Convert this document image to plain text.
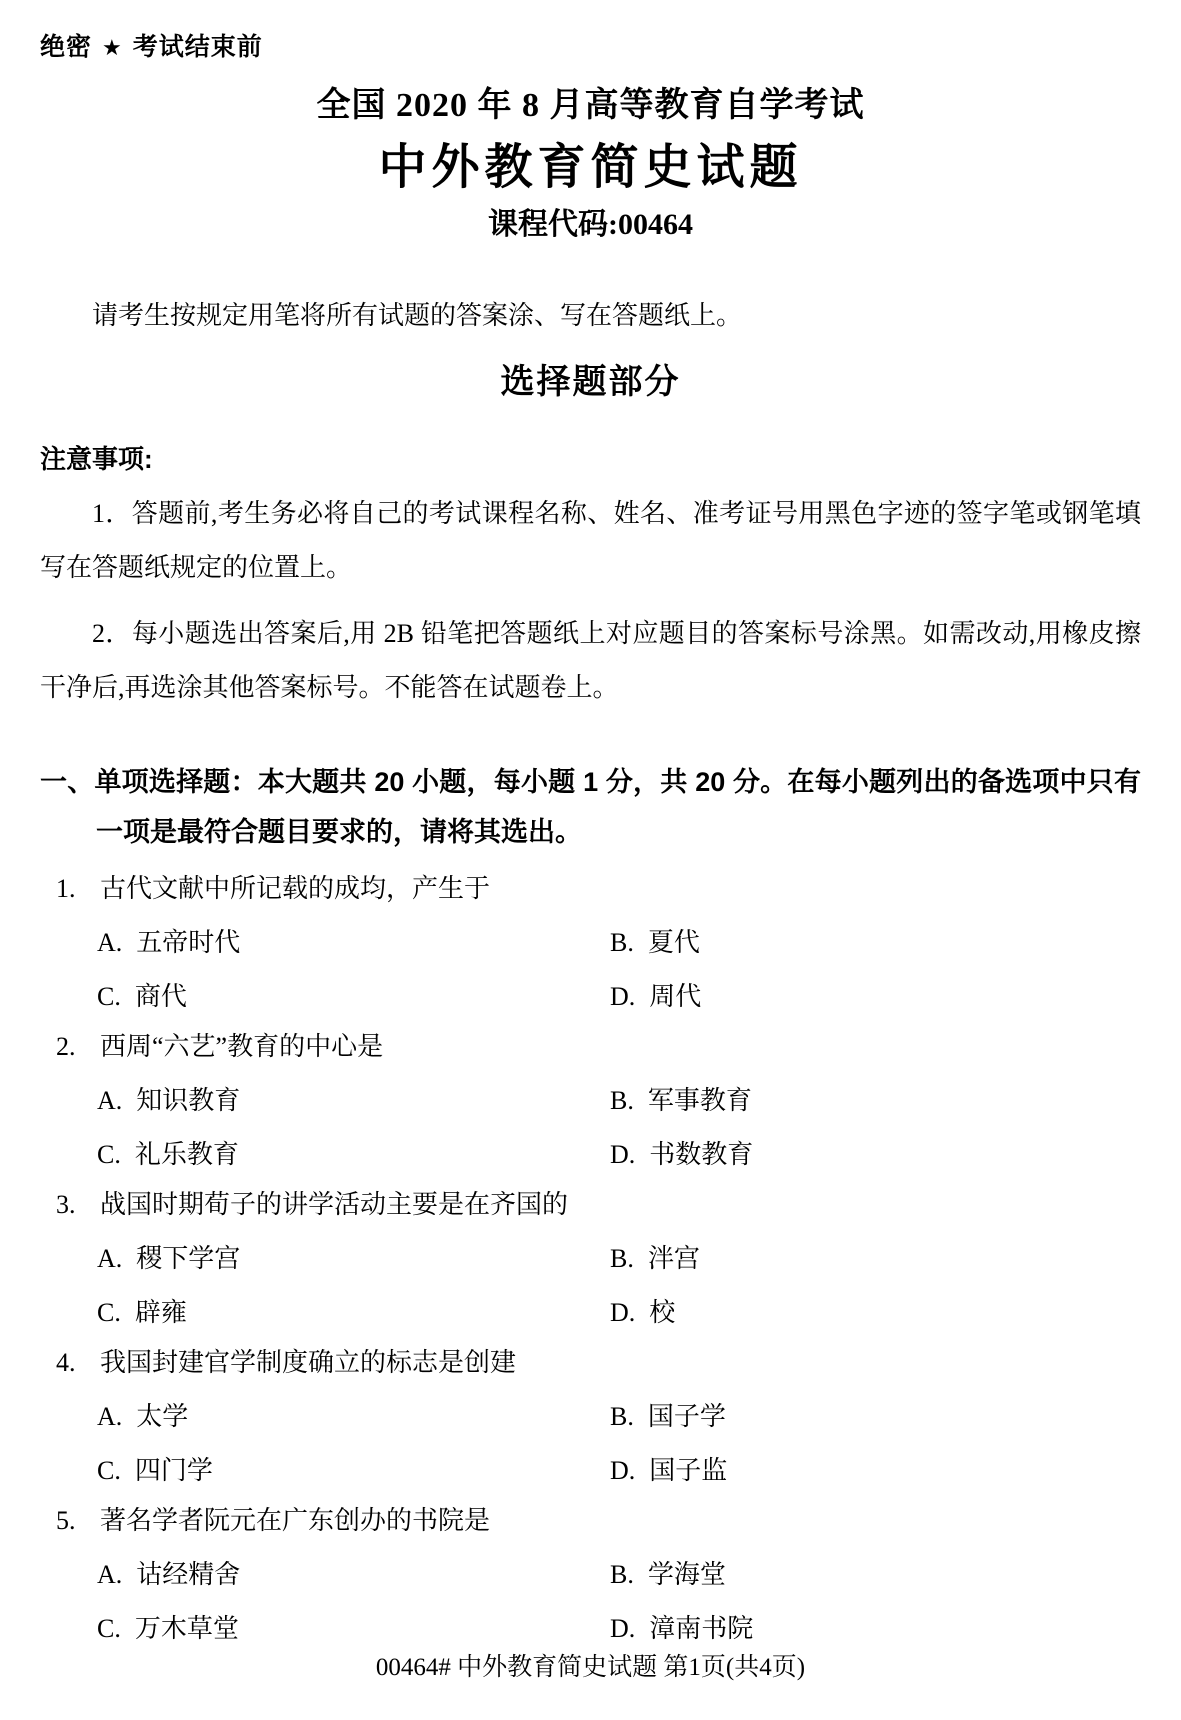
绝密 ★ 考试结束前
全国 2020 年 8 月高等教育自学考试
中外教育简史试题
课程代码:00464

请考生按规定用笔将所有试题的答案涂、写在答题纸上。

选择题部分
注意事项:

1．答题前,考生务必将自己的考试课程名称、姓名、准考证号用黑色字迹的签字笔或钢笔填写在答题纸规定的位置上。

2．每小题选出答案后,用 2B 铅笔把答题纸上对应题目的答案标号涂黑。如需改动,用橡皮擦干净后,再选涂其他答案标号。不能答在试题卷上。

一、单项选择题：本大题共 20 小题，每小题 1 分，共 20 分。在每小题列出的备选项中只有一项是最符合题目要求的，请将其选出。

1. 古代文献中所记载的成均，产生于

A. 五帝时代	B. 夏代

C. 商代	D. 周代

2. 西周“六艺”教育的中心是

A. 知识教育	B. 军事教育

C. 礼乐教育	D. 书数教育

3. 战国时期荀子的讲学活动主要是在齐国的

A. 稷下学宫	B. 泮宫

C. 辟雍	D. 校

4. 我国封建官学制度确立的标志是创建

A. 太学	B. 国子学

C. 四门学	D. 国子监

5. 著名学者阮元在广东创办的书院是

A. 诂经精舍	B. 学海堂

C. 万木草堂	D. 漳南书院

00464# 中外教育简史试题 第1页(共4页)
